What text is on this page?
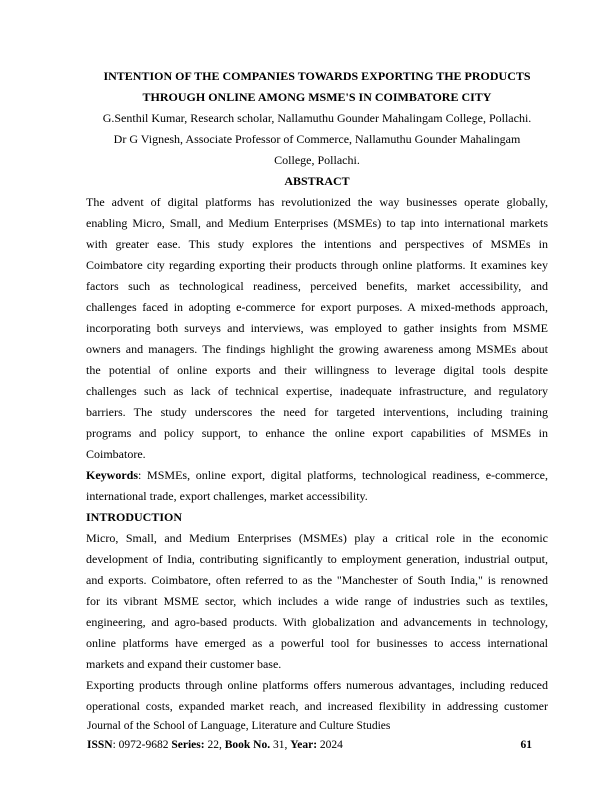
INTENTION OF THE COMPANIES TOWARDS EXPORTING THE PRODUCTS
THROUGH ONLINE AMONG MSME'S IN COIMBATORE CITY
G.Senthil Kumar, Research scholar, Nallamuthu Gounder Mahalingam College, Pollachi.
Dr G Vignesh, Associate Professor of Commerce, Nallamuthu Gounder Mahalingam
College, Pollachi.
ABSTRACT
The advent of digital platforms has revolutionized the way businesses operate globally,
enabling Micro, Small, and Medium Enterprises (MSMEs) to tap into international markets
with greater ease. This study explores the intentions and perspectives of MSMEs in
Coimbatore city regarding exporting their products through online platforms. It examines key
factors such as technological readiness, perceived benefits, market accessibility, and
challenges faced in adopting e-commerce for export purposes. A mixed-methods approach,
incorporating both surveys and interviews, was employed to gather insights from MSME
owners and managers. The findings highlight the growing awareness among MSMEs about
the potential of online exports and their willingness to leverage digital tools despite
challenges such as lack of technical expertise, inadequate infrastructure, and regulatory
barriers. The study underscores the need for targeted interventions, including training
programs and policy support, to enhance the online export capabilities of MSMEs in
Coimbatore.
Keywords: MSMEs, online export, digital platforms, technological readiness, e-commerce,
international trade, export challenges, market accessibility.
INTRODUCTION
Micro, Small, and Medium Enterprises (MSMEs) play a critical role in the economic
development of India, contributing significantly to employment generation, industrial output,
and exports. Coimbatore, often referred to as the "Manchester of South India," is renowned
for its vibrant MSME sector, which includes a wide range of industries such as textiles,
engineering, and agro-based products. With globalization and advancements in technology,
online platforms have emerged as a powerful tool for businesses to access international
markets and expand their customer base.
Exporting products through online platforms offers numerous advantages, including reduced
operational costs, expanded market reach, and increased flexibility in addressing customer
Journal of the School of Language, Literature and Culture Studies
ISSN: 0972-9682 Series: 22, Book No. 31, Year: 2024	61
